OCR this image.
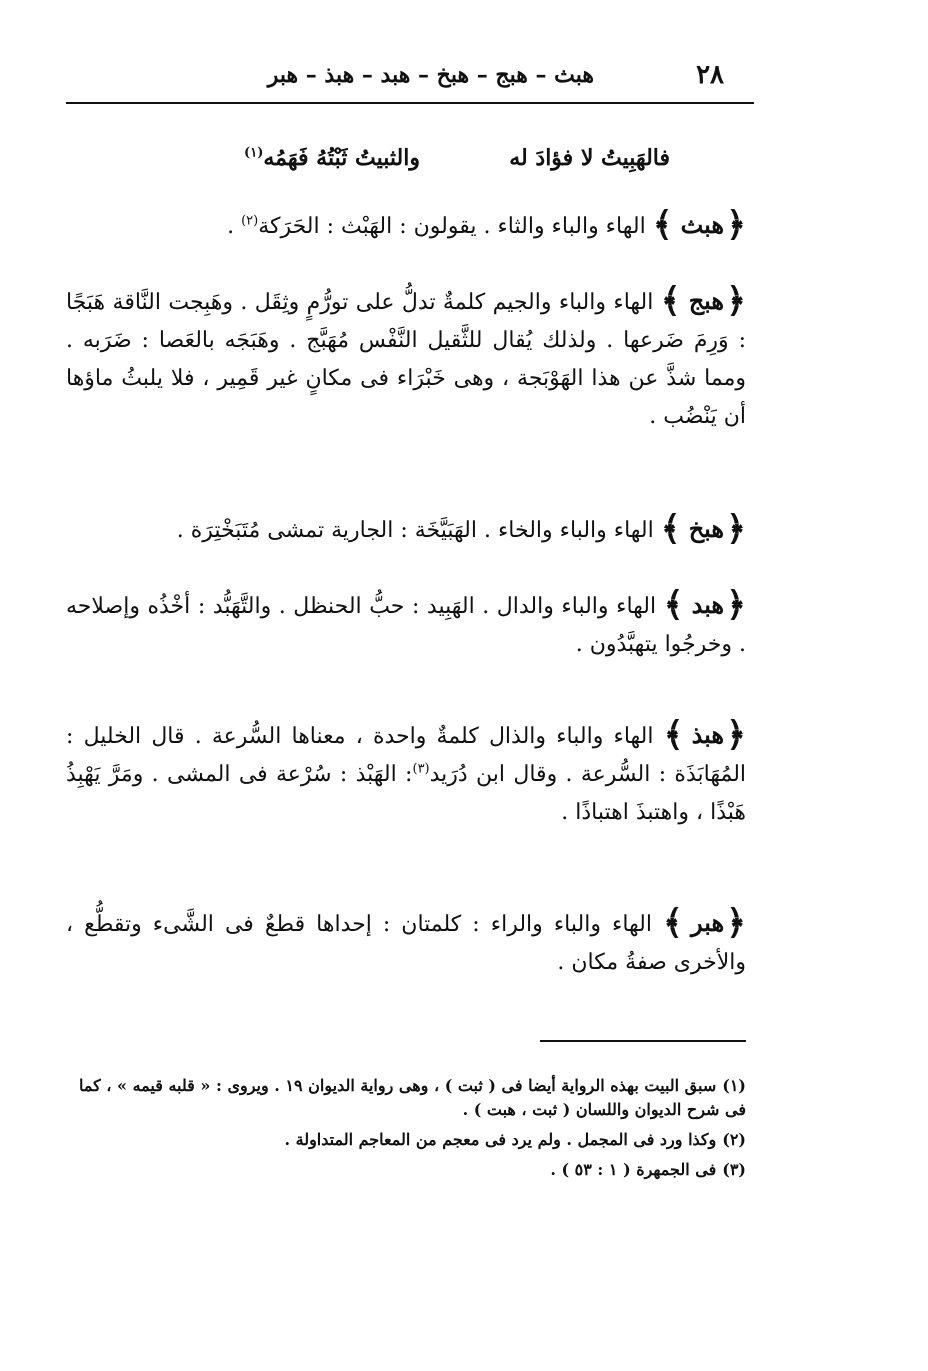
٢٨
هبث – هبج – هبخ – هبد – هبذ – هبر
فالهَبِيتُ لا فؤادَ له
والثبيتُ ثَبْتُهُ فَهَمُه$^{(١)}$
﴿هبث﴾ الهاء والباء والثاء . يقولون : الهَبْث : الحَرَكة$^{(٢)}$ .
﴿هبج﴾ الهاء والباء والجيم كلمةٌ تدلُّ على تورُّمٍ وثِقَل . وهَبِجت النَّاقة هَبَجًا : وَرِمَ ضَرعها . ولذلك يُقال للثَّقيل النَّفْس مُهَبَّج . وهَبَجَه بالعَصا : ضَرَبه . ومما شذَّ عن هذا الهَوْبَجة ، وهى خَبْرَاء فى مكانٍ غير قَمِير ، فلا يلبثُ ماؤها أن يَنْضُب .
﴿هبخ﴾ الهاء والباء والخاء . الهَبَيَّخَة : الجارية تمشى مُتَبَخْتِرَة .
﴿هبد﴾ الهاء والباء والدال . الهَبِيد : حبُّ الحنظل . والتَّهَبُّد : أخْذُه وإصلاحه . وخرجُوا يتهبَّدُون .
﴿هبذ﴾ الهاء والباء والذال كلمةٌ واحدة ، معناها السُّرعة . قال الخليل : المُهَابَذَة : السُّرعة . وقال ابن دُرَيد$^{(٣)}$: الهَبْذ : سُرْعة فى المشى . ومَرَّ يَهْبِذُ هَبْذًا ، واهتبذَ اهتباذًا .
﴿هبر﴾ الهاء والباء والراء : كلمتان : إحداها قطعٌ فى الشَّىء وتقطُّع ، والأخرى صفةُ مكان .
(١)سبق البيت بهذه الرواية أيضا فى ( ثبت ) ، وهى رواية الديوان ١٩ . ويروى : « قلبه قيمه » ، كما فى شرح الديوان واللسان ( ثبت ، هبت ) .
(٢)وكذا ورد فى المجمل . ولم يرد فى معجم من المعاجم المتداولة .
(٣)فى الجمهرة ( ١ : ٥٣ ) .
